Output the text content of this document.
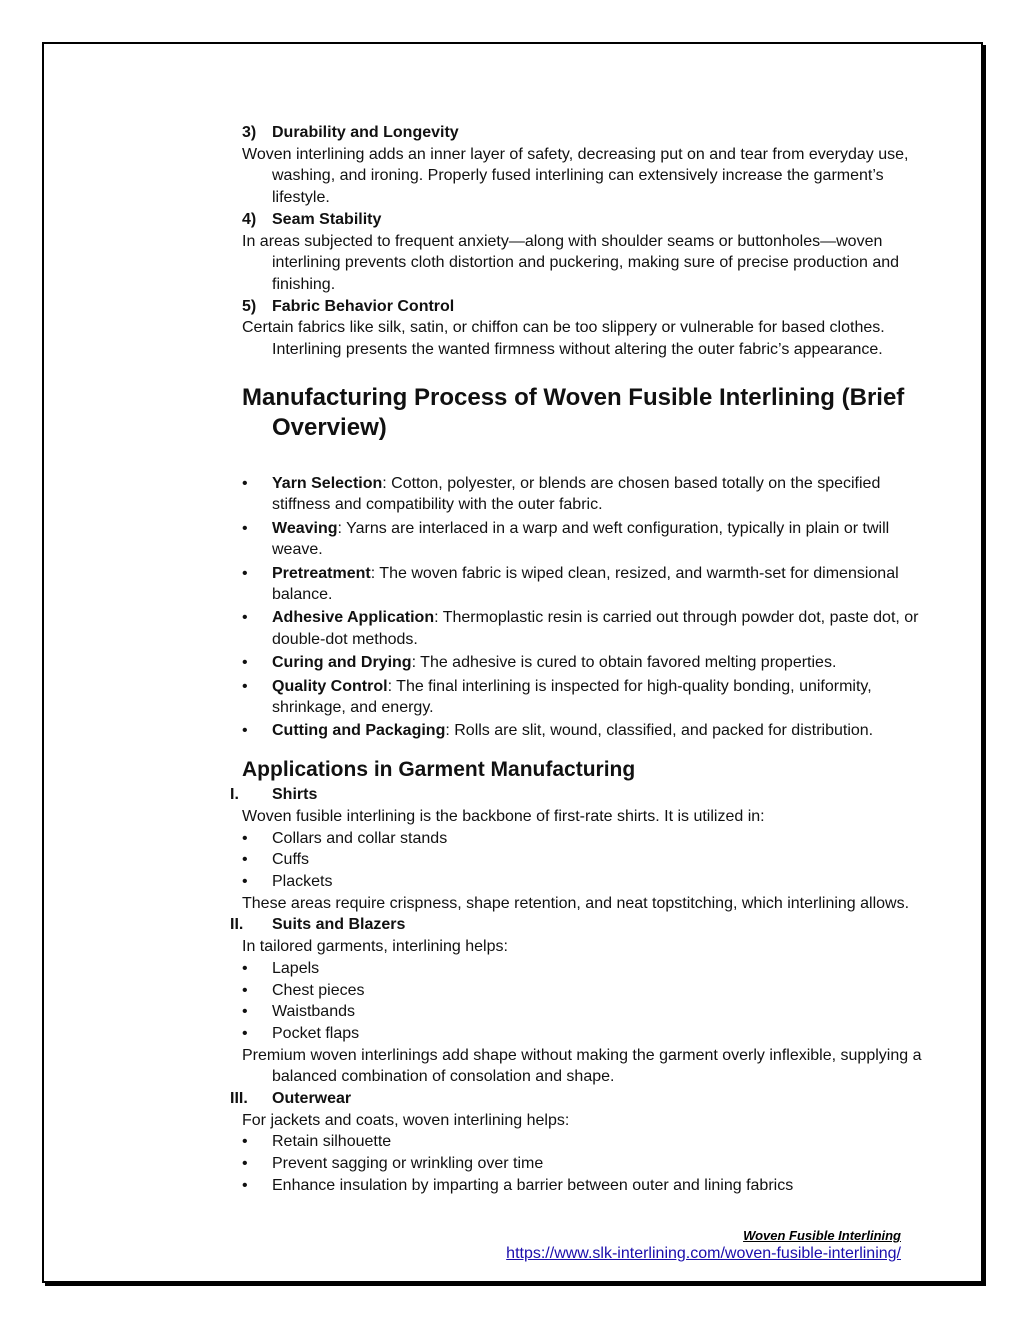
3) Durability and Longevity

Woven interlining adds an inner layer of safety, decreasing put on and tear from everyday use, washing, and ironing. Properly fused interlining can extensively increase the garment’s lifestyle.

4) Seam Stability

In areas subjected to frequent anxiety—along with shoulder seams or buttonholes—woven interlining prevents cloth distortion and puckering, making sure of precise production and finishing.

5) Fabric Behavior Control

Certain fabrics like silk, satin, or chiffon can be too slippery or vulnerable for based clothes. Interlining presents the wanted firmness without altering the outer fabric’s appearance.

Manufacturing Process of Woven Fusible Interlining (Brief Overview)
• Yarn Selection: Cotton, polyester, or blends are chosen based totally on the specified stiffness and compatibility with the outer fabric.
• Weaving: Yarns are interlaced in a warp and weft configuration, typically in plain or twill weave.
• Pretreatment: The woven fabric is wiped clean, resized, and warmth-set for dimensional balance.
• Adhesive Application: Thermoplastic resin is carried out through powder dot, paste dot, or double-dot methods.
• Curing and Drying: The adhesive is cured to obtain favored melting properties.
• Quality Control: The final interlining is inspected for high-quality bonding, uniformity, shrinkage, and energy.
• Cutting and Packaging: Rolls are slit, wound, classified, and packed for distribution.
Applications in Garment Manufacturing
I.	Shirts

Woven fusible interlining is the backbone of first-rate shirts. It is utilized in:

• Collars and collar stands
• Cuffs
• Plackets

These areas require crispness, shape retention, and neat topstitching, which interlining allows.

II.	Suits and Blazers

In tailored garments, interlining helps:

• Lapels
• Chest pieces
• Waistbands
• Pocket flaps

Premium woven interlinings add shape without making the garment overly inflexible, supplying a balanced combination of consolation and shape.

III.	Outerwear

For jackets and coats, woven interlining helps:

• Retain silhouette
• Prevent sagging or wrinkling over time
• Enhance insulation by imparting a barrier between outer and lining fabrics
Woven Fusible Interlining
https://www.slk-interlining.com/woven-fusible-interlining/
